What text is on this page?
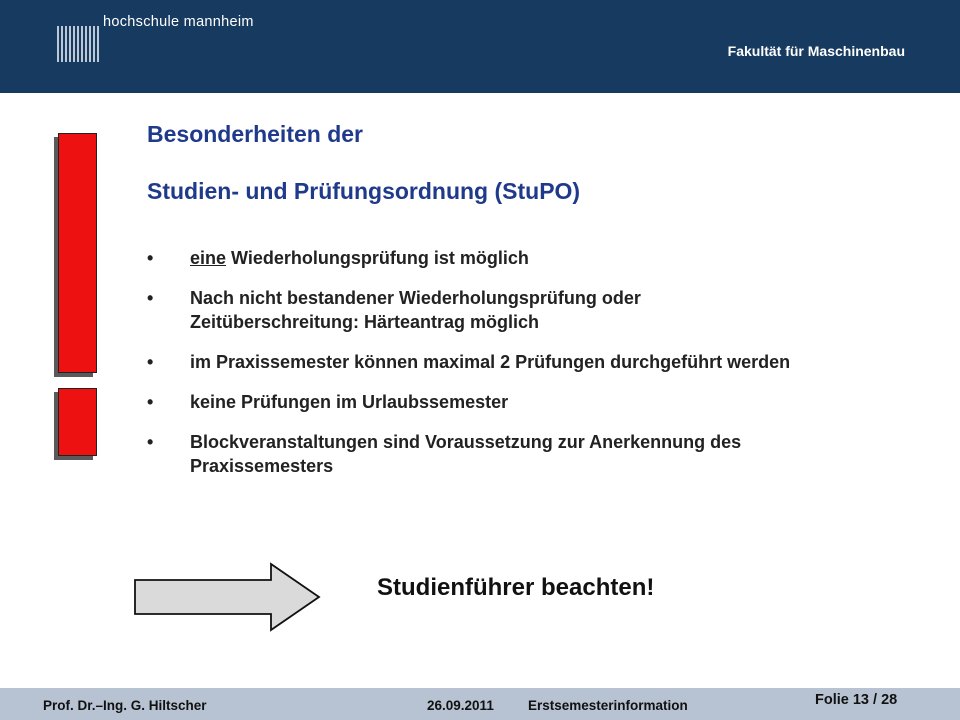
hochschule mannheim
Fakultät für Maschinenbau
Besonderheiten der
Studien- und Prüfungsordnung (StuPO)
• eine Wiederholungsprüfung ist möglich
• Nach nicht bestandener Wiederholungsprüfung oder Zeitüberschreitung: Härteantrag möglich
• im Praxissemester können maximal 2 Prüfungen durchgeführt werden
• keine Prüfungen im Urlaubssemester
• Blockveranstaltungen sind Voraussetzung zur Anerkennung des Praxissemesters
Studienführer beachten!
Prof. Dr.–Ing. G. Hiltscher	26.09.2011	Erstsemesterinformation	Folie 13 / 28
